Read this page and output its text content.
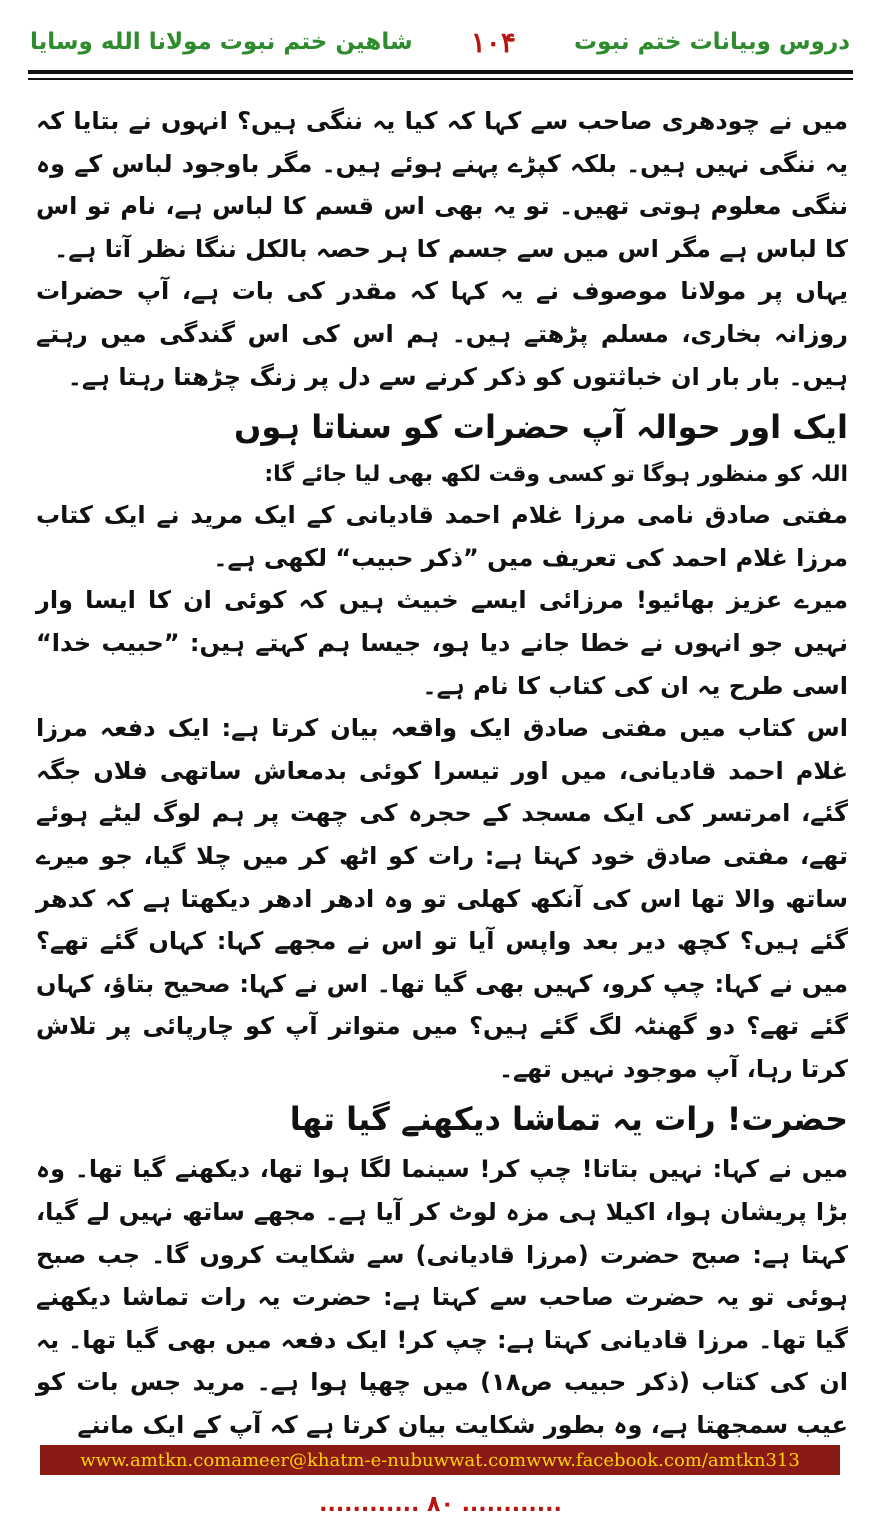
دروس وبیانات ختم نبوت
۱۰۴
شاهین ختم نبوت مولانا الله وسایا

میں نے چودھری صاحب سے کہا کہ کیا یہ ننگی ہیں؟ انہوں نے بتایا کہ یہ ننگی نہیں ہیں۔ بلکہ کپڑے پہنے ہوئے ہیں۔ مگر باوجود لباس کے وہ ننگی معلوم ہوتی تھیں۔ تو یہ بھی اس قسم کا لباس ہے، نام تو اس کا لباس ہے مگر اس میں سے جسم کا ہر حصہ بالکل ننگا نظر آتا ہے۔

یہاں پر مولانا موصوف نے یہ کہا کہ مقدر کی بات ہے، آپ حضرات روزانہ بخاری، مسلم پڑھتے ہیں۔ ہم اس کی اس گندگی میں رہتے ہیں۔ بار بار ان خباثتوں کو ذکر کرنے سے دل پر زنگ چڑھتا رہتا ہے۔

ایک اور حوالہ آپ حضرات کو سناتا ہوں

اللہ کو منظور ہوگا تو کسی وقت لکھ بھی لیا جائے گا:

مفتی صادق نامی مرزا غلام احمد قادیانی کے ایک مرید نے ایک کتاب مرزا غلام احمد کی تعریف میں ”ذکر حبیب“ لکھی ہے۔

میرے عزیز بھائیو! مرزائی ایسے خبیث ہیں کہ کوئی ان کا ایسا وار نہیں جو انہوں نے خطا جانے دیا ہو، جیسا ہم کہتے ہیں: ”حبیب خدا“ اسی طرح یہ ان کی کتاب کا نام ہے۔

اس کتاب میں مفتی صادق ایک واقعہ بیان کرتا ہے: ایک دفعہ مرزا غلام احمد قادیانی، میں اور تیسرا کوئی بدمعاش ساتھی فلاں جگہ گئے، امرتسر کی ایک مسجد کے حجرہ کی چھت پر ہم لوگ لیٹے ہوئے تھے، مفتی صادق خود کہتا ہے: رات کو اٹھ کر میں چلا گیا، جو میرے ساتھ والا تھا اس کی آنکھ کھلی تو وہ ادھر ادھر دیکھتا ہے کہ کدھر گئے ہیں؟ کچھ دیر بعد واپس آیا تو اس نے مجھے کہا: کہاں گئے تھے؟ میں نے کہا: چپ کرو، کہیں بھی گیا تھا۔ اس نے کہا: صحیح بتاؤ، کہاں گئے تھے؟ دو گھنٹہ لگ گئے ہیں؟ میں متواتر آپ کو چارپائی پر تلاش کرتا رہا، آپ موجود نہیں تھے۔

حضرت! رات یہ تماشا دیکھنے گیا تھا

میں نے کہا: نہیں بتاتا! چپ کر! سینما لگا ہوا تھا، دیکھنے گیا تھا۔ وہ بڑا پریشان ہوا، اکیلا ہی مزہ لوٹ کر آیا ہے۔ مجھے ساتھ نہیں لے گیا، کہتا ہے: صبح حضرت (مرزا قادیانی) سے شکایت کروں گا۔ جب صبح ہوئی تو یہ حضرت صاحب سے کہتا ہے: حضرت یہ رات تماشا دیکھنے گیا تھا۔ مرزا قادیانی کہتا ہے: چپ کر! ایک دفعہ میں بھی گیا تھا۔ یہ ان کی کتاب (ذکر حبیب ص۱۸) میں چھپا ہوا ہے۔ مرید جس بات کو عیب سمجھتا ہے، وہ بطور شکایت بیان کرتا ہے کہ آپ کے ایک ماننے

www.amtkn.com ameer@khatm-e-nubuwwat.com www.facebook.com/amtkn313
............ ۸۰ ............
